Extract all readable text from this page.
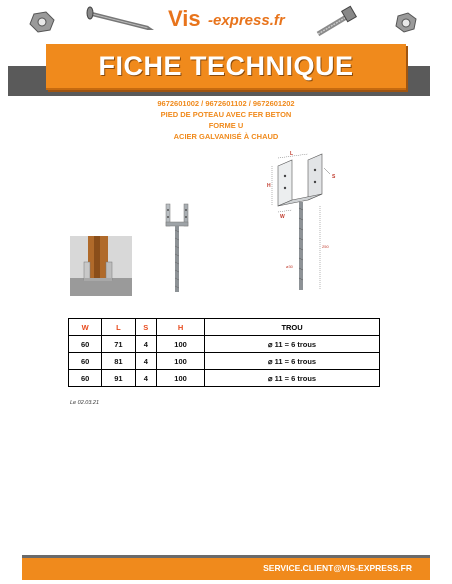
Vis -express.fr
FICHE TECHNIQUE
9672601002 / 9672601102 / 9672601202
PIED DE POTEAU AVEC FER BETON
FORME U
ACIER GALVANISÉ À CHAUD
L
H
S
W
250
ø30
W	L	S	H	TROU
60	71	4	100	⌀ 11 = 6 trous
60	81	4	100	⌀ 11 = 6 trous
60	91	4	100	⌀ 11 = 6 trous
Le 02.03.21
SERVICE.CLIENT@VIS-EXPRESS.FR
